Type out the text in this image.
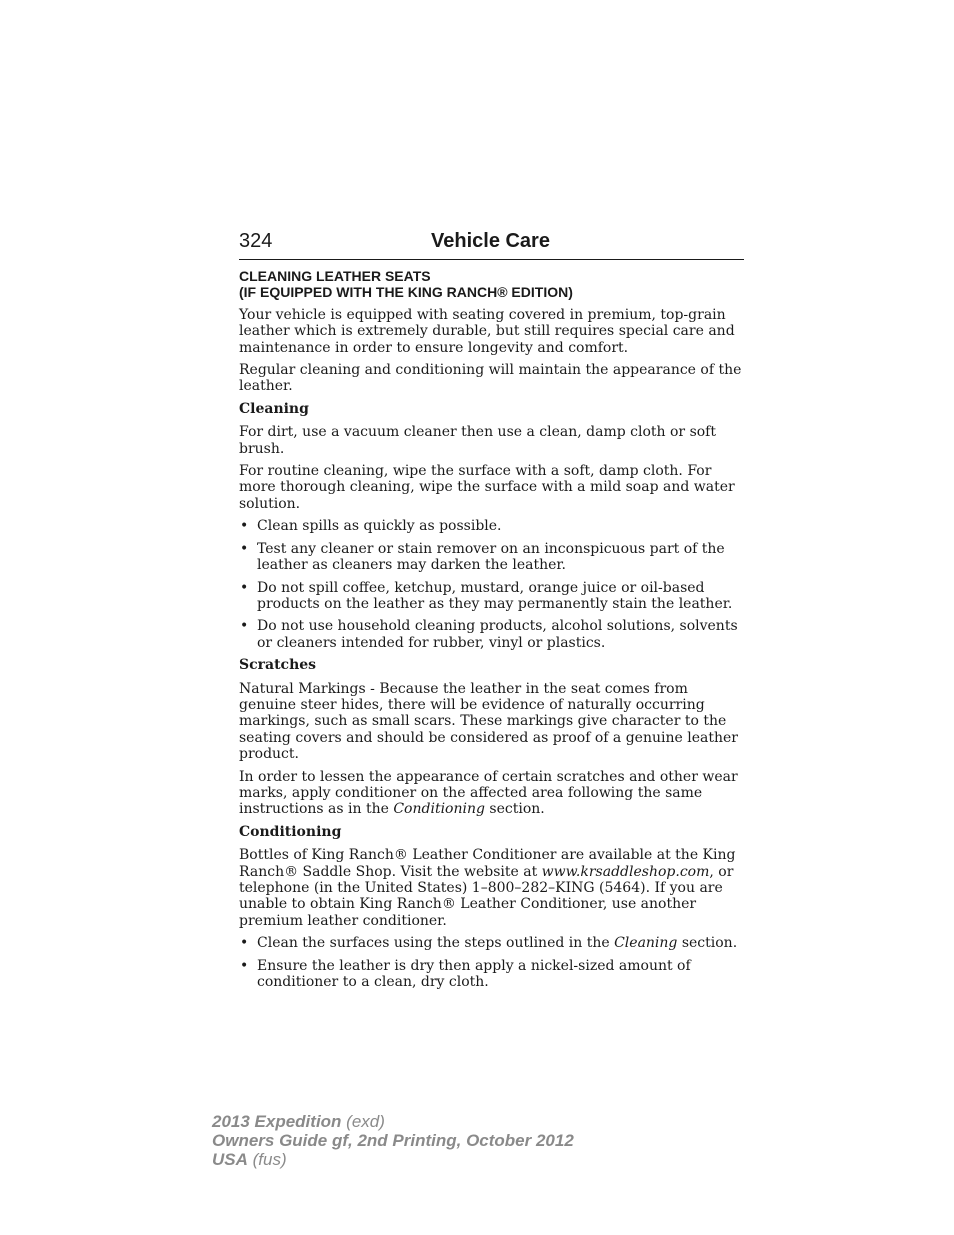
324	Vehicle Care
CLEANING LEATHER SEATS
(IF EQUIPPED WITH THE KING RANCH® EDITION)

Your vehicle is equipped with seating covered in premium, top-grain leather which is extremely durable, but still requires special care and maintenance in order to ensure longevity and comfort.

Regular cleaning and conditioning will maintain the appearance of the leather.

Cleaning

For dirt, use a vacuum cleaner then use a clean, damp cloth or soft brush.

For routine cleaning, wipe the surface with a soft, damp cloth. For more thorough cleaning, wipe the surface with a mild soap and water solution.

• Clean spills as quickly as possible.
• Test any cleaner or stain remover on an inconspicuous part of the leather as cleaners may darken the leather.
• Do not spill coffee, ketchup, mustard, orange juice or oil-based products on the leather as they may permanently stain the leather.
• Do not use household cleaning products, alcohol solutions, solvents or cleaners intended for rubber, vinyl or plastics.
Scratches

Natural Markings - Because the leather in the seat comes from genuine steer hides, there will be evidence of naturally occurring markings, such as small scars. These markings give character to the seating covers and should be considered as proof of a genuine leather product.

In order to lessen the appearance of certain scratches and other wear marks, apply conditioner on the affected area following the same instructions as in the Conditioning section.

Conditioning

Bottles of King Ranch® Leather Conditioner are available at the King Ranch® Saddle Shop. Visit the website at www.krsaddleshop.com, or telephone (in the United States) 1–800–282–KING (5464). If you are unable to obtain King Ranch® Leather Conditioner, use another premium leather conditioner.

• Clean the surfaces using the steps outlined in the Cleaning section.
• Ensure the leather is dry then apply a nickel-sized amount of conditioner to a clean, dry cloth.
2013 Expedition (exd)
Owners Guide gf, 2nd Printing, October 2012
USA (fus)
